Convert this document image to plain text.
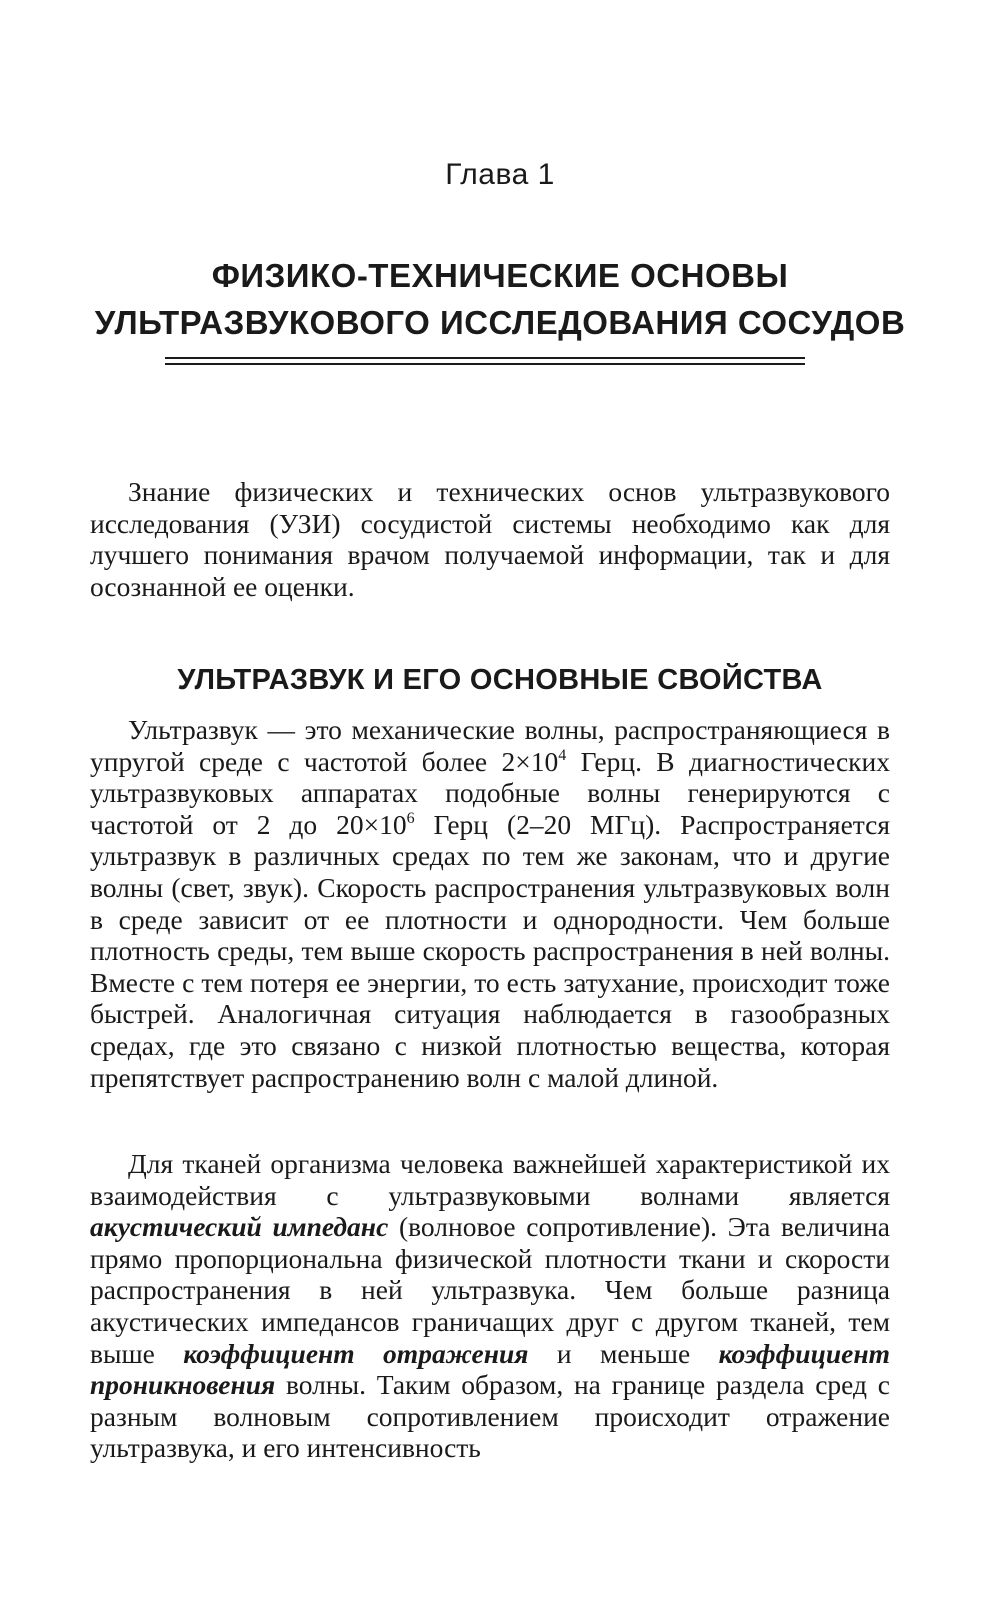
Глава 1
ФИЗИКО-ТЕХНИЧЕСКИЕ ОСНОВЫ
УЛЬТРАЗВУКОВОГО ИССЛЕДОВАНИЯ СОСУДОВ

Знание физических и технических основ ультразвукового исследования (УЗИ) сосудистой системы необходимо как для лучшего понимания врачом получаемой информации, так и для осознанной ее оценки.

УЛЬТРАЗВУК И ЕГО ОСНОВНЫЕ СВОЙСТВА

Ультразвук — это механические волны, распространяющиеся в упругой среде с частотой более $2\times 10^4$ Герц. В диагностических ультразвуковых аппаратах подобные волны генерируются с частотой от 2 до $20\times 10^6$ Герц (2–20 МГц). Распространяется ультразвук в различных средах по тем же законам, что и другие волны (свет, звук). Скорость распространения ультразвуковых волн в среде зависит от ее плотности и однородности. Чем больше плотность среды, тем выше скорость распространения в ней волны. Вместе с тем потеря ее энергии, то есть затухание, происходит тоже быстрей. Аналогичная ситуация наблюдается в газообразных средах, где это связано с низкой плотностью вещества, которая препятствует распространению волн с малой длиной.

Для тканей организма человека важнейшей характеристикой их взаимодействия с ультразвуковыми волнами является акустический импеданс (волновое сопротивление). Эта величина прямо пропорциональна физической плотности ткани и скорости распространения в ней ультразвука. Чем больше разница акустических импедансов граничащих друг с другом тканей, тем выше коэффициент отражения и меньше коэффициент проникновения волны. Таким образом, на границе раздела сред с разным волновым сопротивлением происходит отражение ультразвука, и его интенсивность
